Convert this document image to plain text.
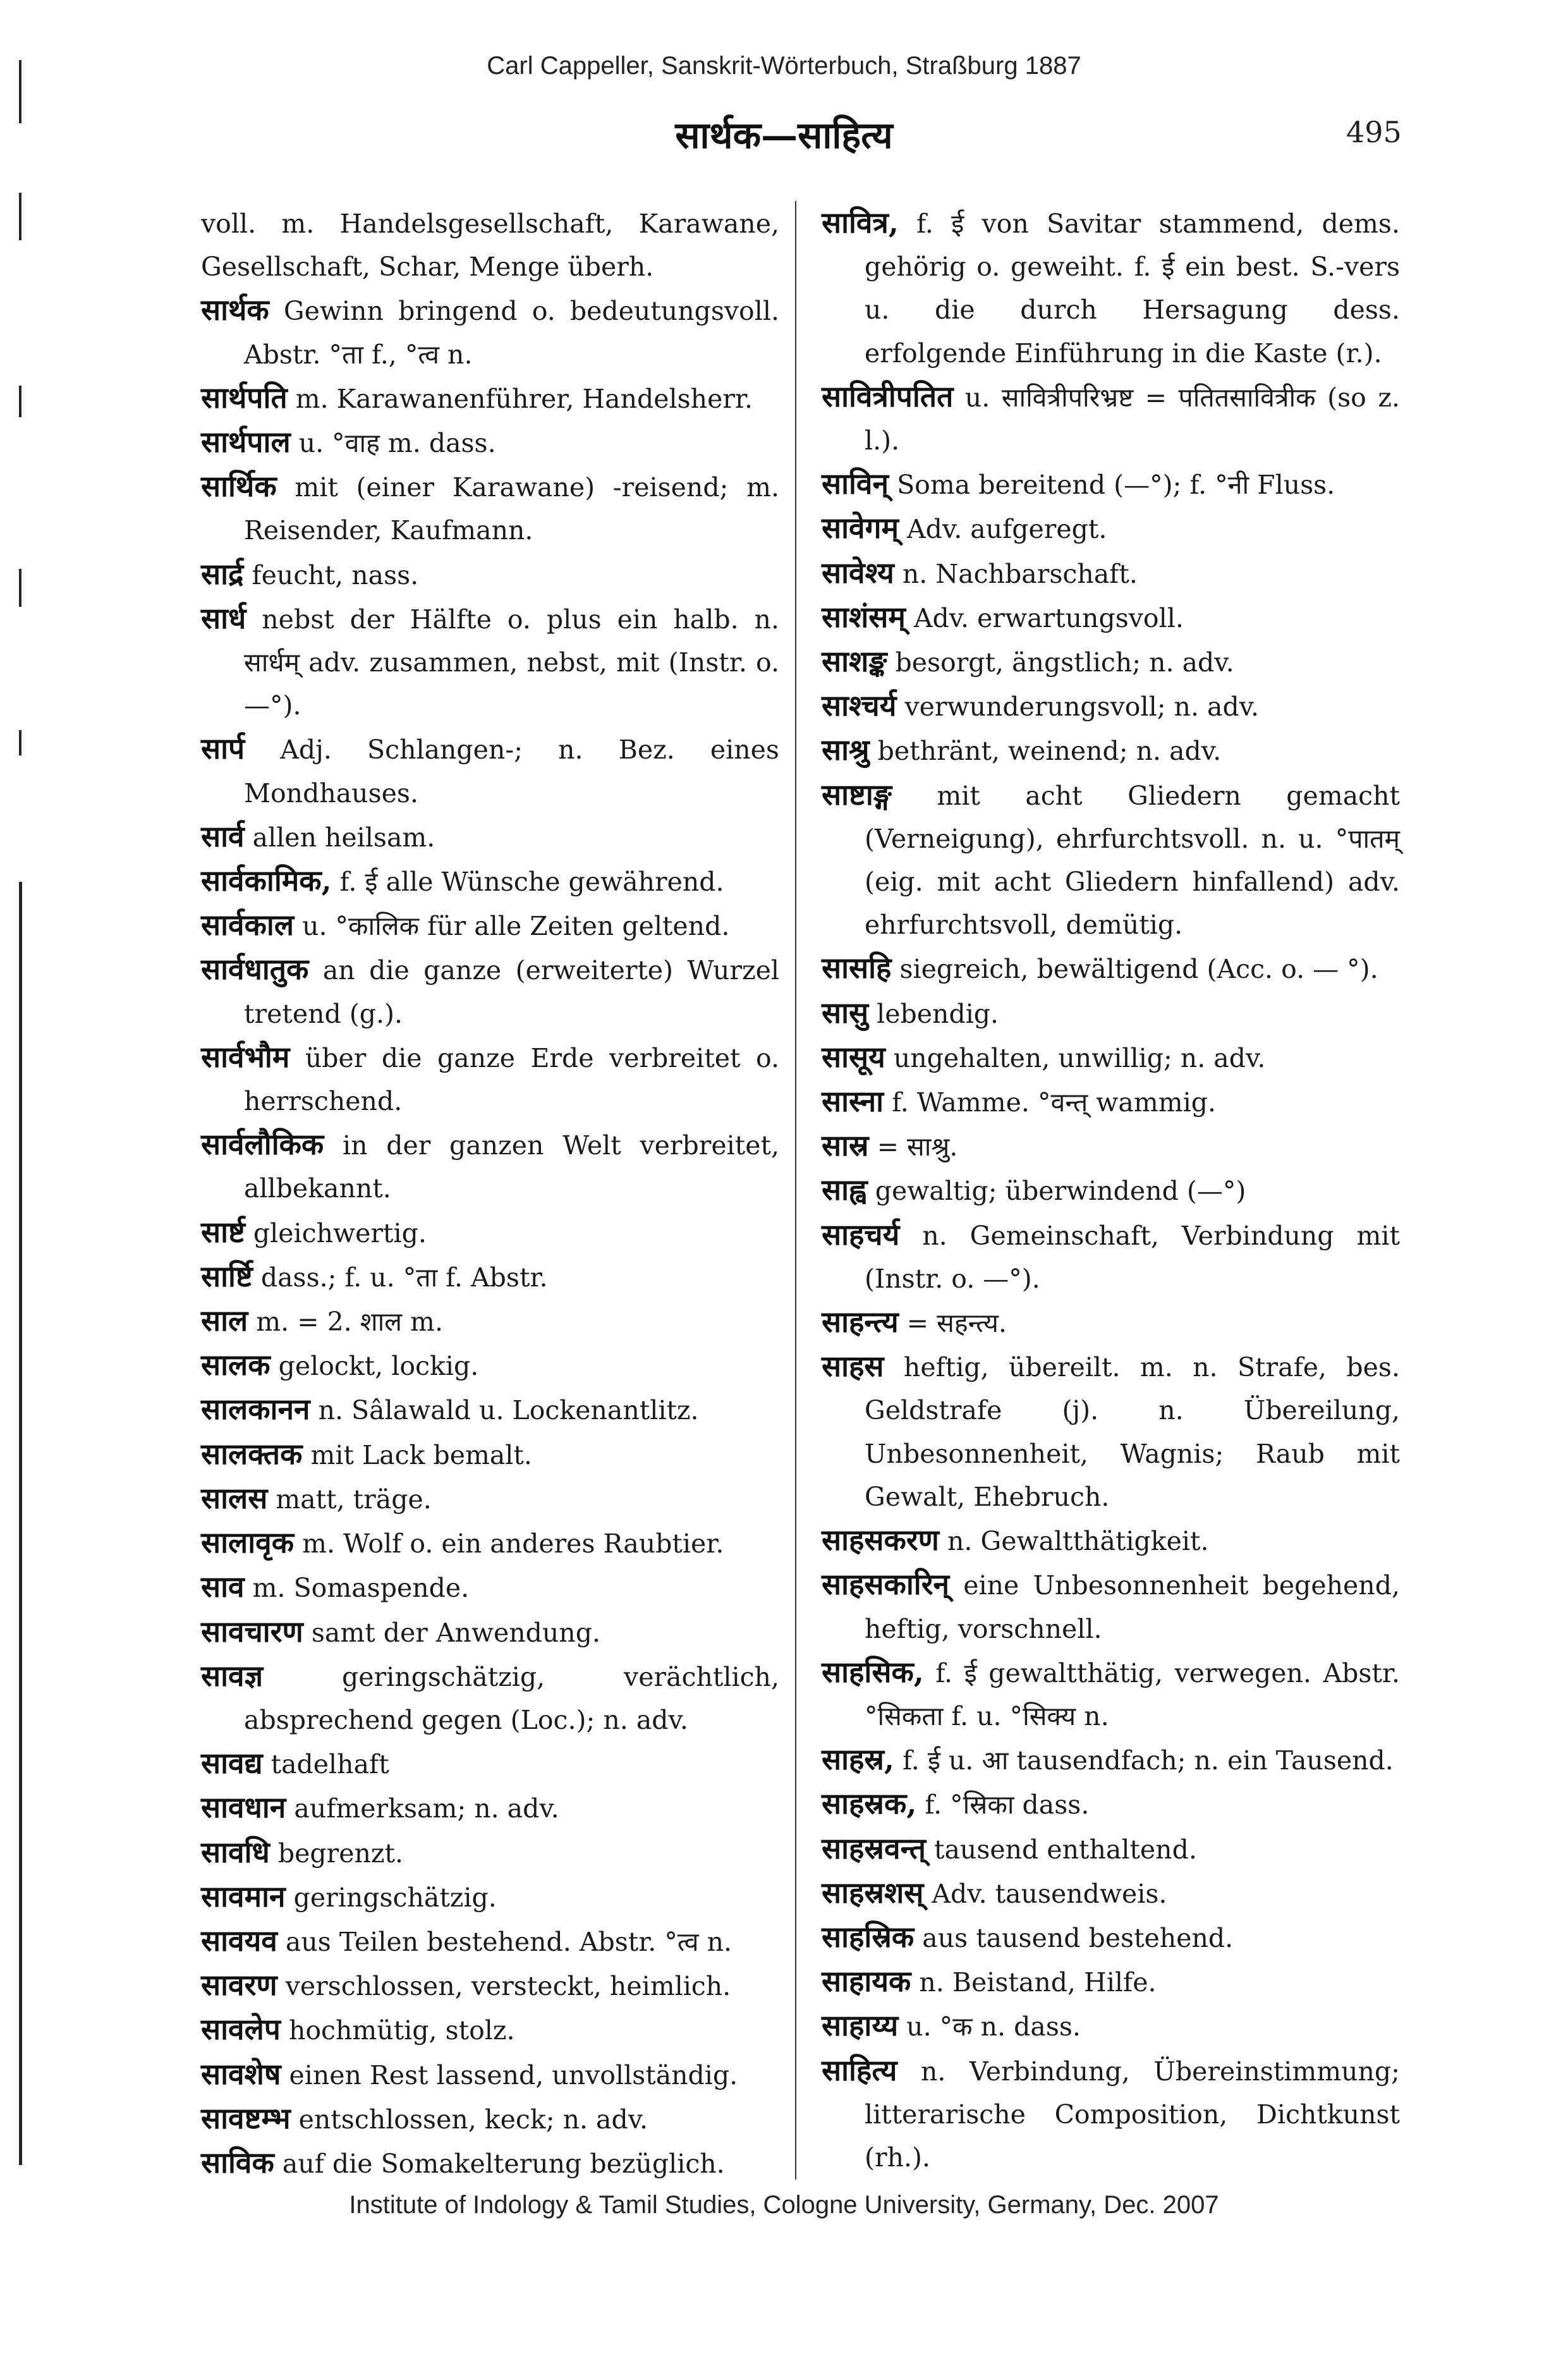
Carl Cappeller, Sanskrit-Wörterbuch, Straßburg 1887
सार्थक—साहित्य	495

voll. m. Handelsgesellschaft, Karawane, Gesellschaft, Schar, Menge überh.

सार्थक Gewinn bringend o. bedeutungsvoll. Abstr. °ता f., °त्व n.

सार्थपति m. Karawanenführer, Handelsherr.

सार्थपाल u. °वाह m. dass.

सार्थिक mit (einer Karawane) -reisend; m. Reisender, Kaufmann.

सार्द्र feucht, nass.

सार्ध nebst der Hälfte o. plus ein halb. n. सार्धम् adv. zusammen, nebst, mit (Instr. o. —°).

सार्प Adj. Schlangen-; n. Bez. eines Mondhauses.

सार्व allen heilsam.

सार्वकामिक, f. ई alle Wünsche gewährend.

सार्वकाल u. °कालिक für alle Zeiten geltend.

सार्वधातुक an die ganze (erweiterte) Wurzel tretend (g.).

सार्वभौम über die ganze Erde verbreitet o. herrschend.

सार्वलौकिक in der ganzen Welt verbreitet, allbekannt.

सार्ष्ट gleichwertig.

सार्ष्टि dass.; f. u. °ता f. Abstr.

साल m. = 2. शाल m.

सालक gelockt, lockig.

सालकानन n. Sâlawald u. Lockenantlitz.

सालक्तक mit Lack bemalt.

सालस matt, träge.

सालावृक m. Wolf o. ein anderes Raubtier.

साव m. Somaspende.

सावचारण samt der Anwendung.

सावज्ञ	geringschätzig, verächtlich, absprechend gegen (Loc.); n. adv.

सावद्य tadelhaft

सावधान aufmerksam; n. adv.

सावधि begrenzt.

सावमान geringschätzig.

सावयव aus Teilen bestehend. Abstr. °त्व n.

सावरण verschlossen, versteckt, heimlich.

सावलेप hochmütig, stolz.

सावशेष einen Rest lassend, unvollständig.

सावष्टम्भ entschlossen, keck; n. adv.

साविक auf die Somakelterung bezüglich.

सावित्र, f. ई von Savitar stammend, dems. gehörig o. geweiht. f. ई ein best. S.-vers u. die durch Hersagung dess. erfolgende Einführung in die Kaste (r.).

सावित्रीपतित u. सावित्रीपरिभ्रष्ट = पतितसावित्रीक (so z. l.).

साविन् Soma bereitend (—°); f. °नी Fluss.

सावेगम् Adv. aufgeregt.

सावेश्य n. Nachbarschaft.

साशंसम् Adv. erwartungsvoll.

साशङ्क besorgt, ängstlich; n. adv.

साश्चर्य verwunderungsvoll; n. adv.

साश्रु bethränt, weinend; n. adv.

साष्टाङ्ग mit acht Gliedern gemacht (Verneigung), ehrfurchtsvoll. n. u. °पातम् (eig. mit acht Gliedern hinfallend) adv. ehrfurchtsvoll, demütig.

सासहि siegreich, bewältigend (Acc. o. — °).

सासु lebendig.

सासूय ungehalten, unwillig; n. adv.

सास्ना f. Wamme. °वन्त् wammig.

सास्र = साश्रु.

साह्व gewaltig; überwindend (—°)

साहचर्य n. Gemeinschaft, Verbindung mit (Instr. o. —°).

साहन्त्य = सहन्त्य.

साहस heftig, übereilt. m. n. Strafe, bes. Geldstrafe (j). n. Übereilung, Unbesonnenheit, Wagnis; Raub mit Gewalt, Ehebruch.

साहसकरण n. Gewaltthätigkeit.

साहसकारिन् eine Unbesonnenheit begehend, heftig, vorschnell.

साहसिक, f. ई gewaltthätig, verwegen. Abstr. °सिकता f. u. °सिक्य n.

साहस्र, f. ई u. आ tausendfach; n. ein Tausend.

साहस्रक, f. °स्रिका dass.

साहस्रवन्त् tausend enthaltend.

साहस्रशस् Adv. tausendweis.

साहस्रिक aus tausend bestehend.

साहायक n. Beistand, Hilfe.

साहाय्य u. °क n. dass.

साहित्य n. Verbindung, Übereinstimmung; litterarische Composition, Dichtkunst (rh.).

Institute of Indology & Tamil Studies, Cologne University, Germany, Dec. 2007
